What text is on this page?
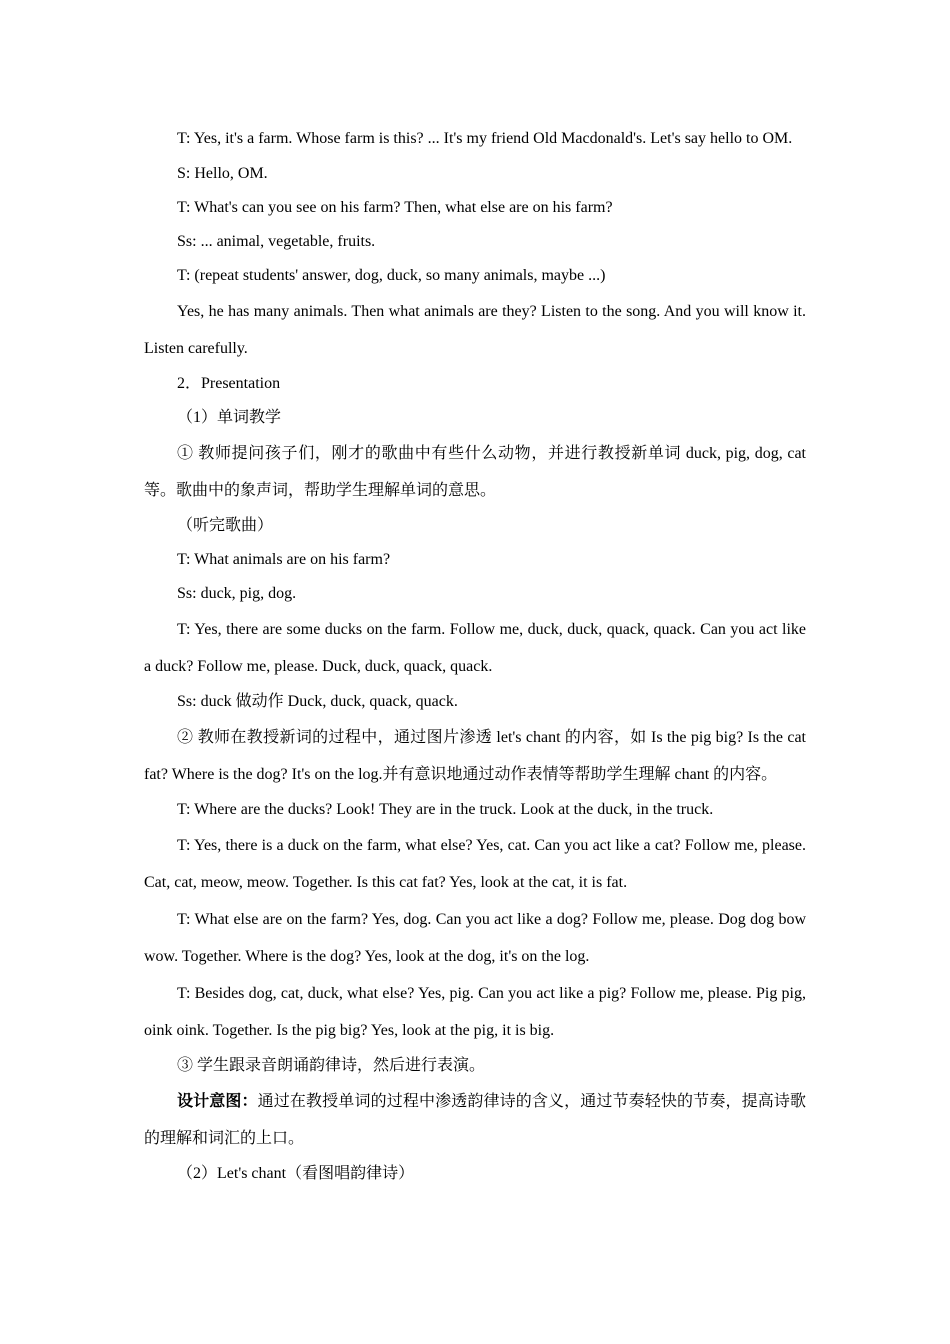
T: Yes, it's a farm. Whose farm is this? ... It's my friend Old Macdonald's. Let's say hello to OM.

S: Hello, OM.

T: What's can you see on his farm? Then, what else are on his farm?

Ss: ... animal, vegetable, fruits.

T: (repeat students' answer, dog, duck, so many animals, maybe ...)

Yes, he has many animals. Then what animals are they? Listen to the song. And you will know it. Listen carefully.

2．Presentation

（1）单词教学

① 教师提问孩子们，刚才的歌曲中有些什么动物，并进行教授新单词 duck, pig, dog, cat 等。歌曲中的象声词，帮助学生理解单词的意思。

（听完歌曲）

T: What animals are on his farm?

Ss: duck, pig, dog.

T: Yes, there are some ducks on the farm. Follow me, duck, duck, quack, quack. Can you act like a duck? Follow me, please. Duck, duck, quack, quack.

Ss: duck 做动作 Duck, duck, quack, quack.

② 教师在教授新词的过程中，通过图片渗透 let's chant 的内容，如 Is the pig big? Is the cat fat? Where is the dog? It's on the log.并有意识地通过动作表情等帮助学生理解 chant 的内容。

T: Where are the ducks? Look! They are in the truck. Look at the duck, in the truck.

T: Yes, there is a duck on the farm, what else? Yes, cat. Can you act like a cat? Follow me, please. Cat, cat, meow, meow. Together. Is this cat fat? Yes, look at the cat, it is fat.

T: What else are on the farm? Yes, dog. Can you act like a dog? Follow me, please. Dog dog bow wow. Together. Where is the dog? Yes, look at the dog, it's on the log.

T: Besides dog, cat, duck, what else? Yes, pig. Can you act like a pig? Follow me, please. Pig pig, oink oink. Together. Is the pig big? Yes, look at the pig, it is big.

③ 学生跟录音朗诵韵律诗，然后进行表演。

设计意图：通过在教授单词的过程中渗透韵律诗的含义，通过节奏轻快的节奏，提高诗歌的理解和词汇的上口。

（2）Let's chant（看图唱韵律诗）
